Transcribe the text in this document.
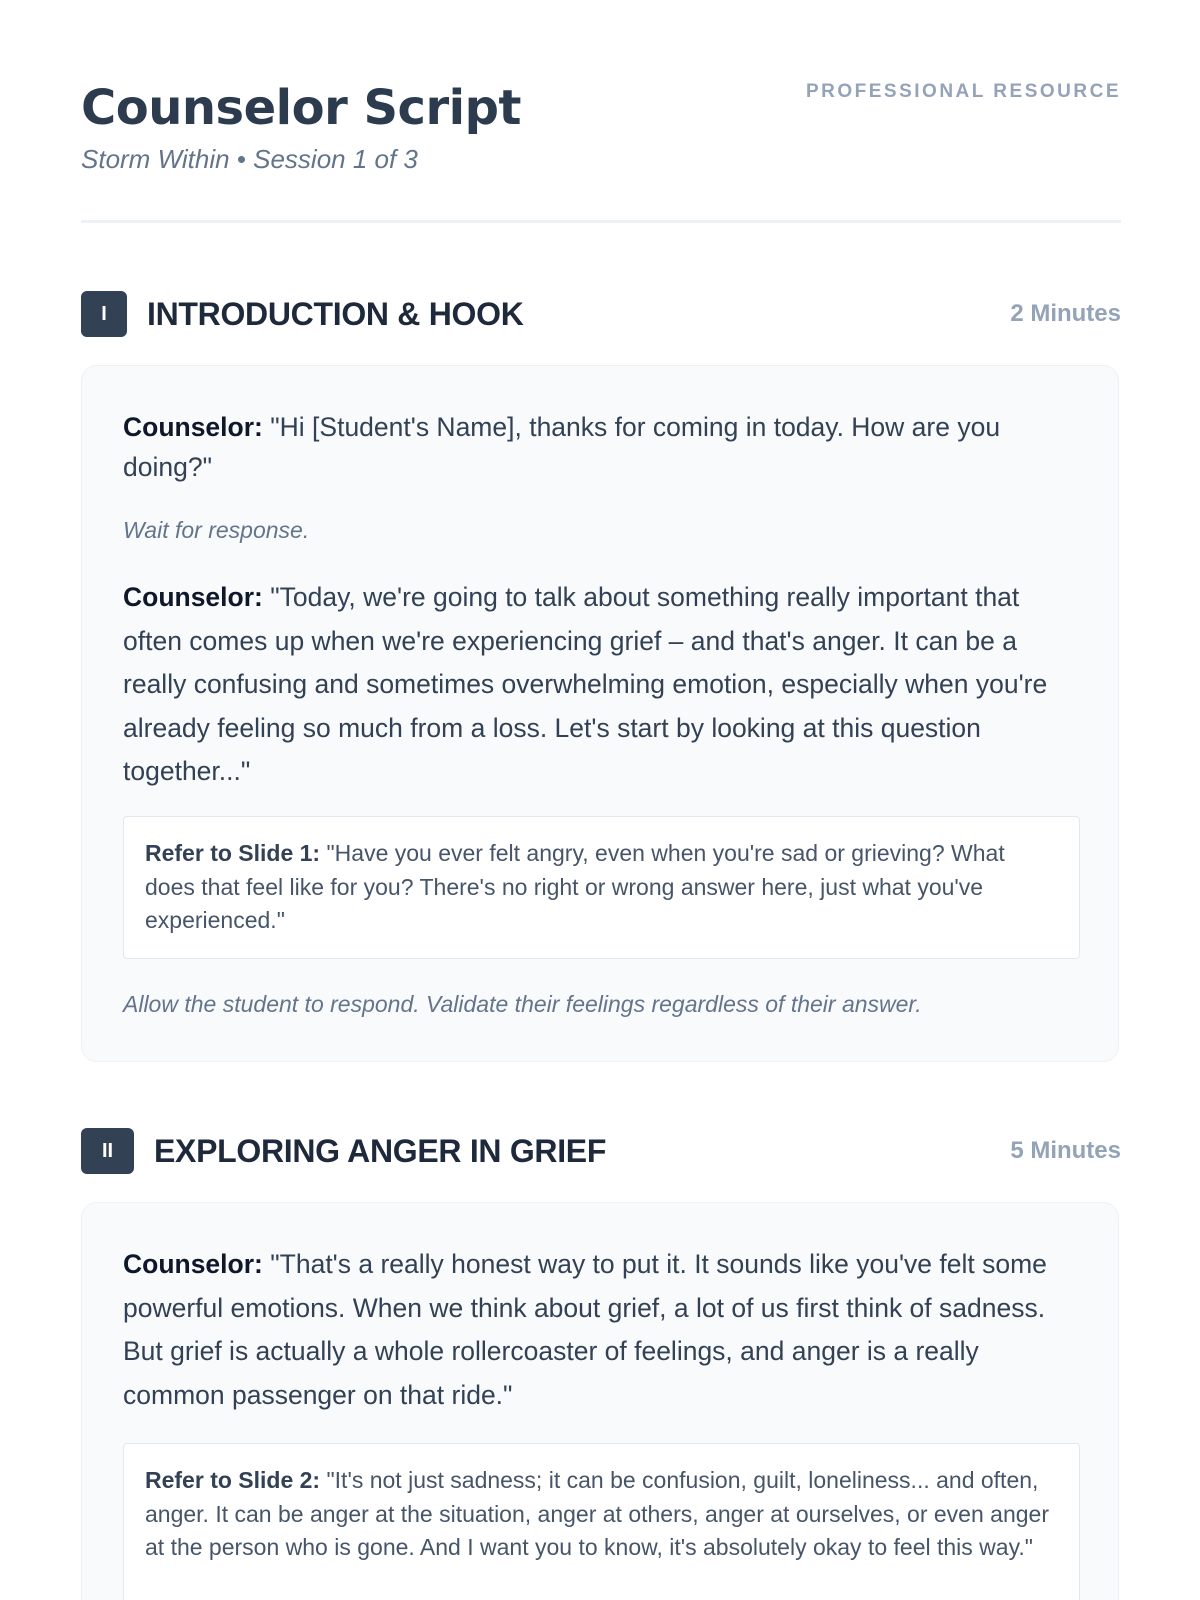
Counselor Script
Storm Within • Session 1 of 3
PROFESSIONAL RESOURCE
I	INTRODUCTION & HOOK	2 Minutes

Counselor: "Hi [Student's Name], thanks for coming in today. How are you doing?"

Wait for response.

Counselor: "Today, we're going to talk about something really important that often comes up when we're experiencing grief – and that's anger. It can be a really confusing and sometimes overwhelming emotion, especially when you're already feeling so much from a loss. Let's start by looking at this question together..."

Refer to Slide 1: "Have you ever felt angry, even when you're sad or grieving? What does that feel like for you? There's no right or wrong answer here, just what you've experienced."

Allow the student to respond. Validate their feelings regardless of their answer.

II	EXPLORING ANGER IN GRIEF	5 Minutes

Counselor: "That's a really honest way to put it. It sounds like you've felt some powerful emotions. When we think about grief, a lot of us first think of sadness. But grief is actually a whole rollercoaster of feelings, and anger is a really common passenger on that ride."

Refer to Slide 2: "It's not just sadness; it can be confusion, guilt, loneliness... and often, anger. It can be anger at the situation, anger at others, anger at ourselves, or even anger at the person who is gone. And I want you to know, it's absolutely okay to feel this way."
